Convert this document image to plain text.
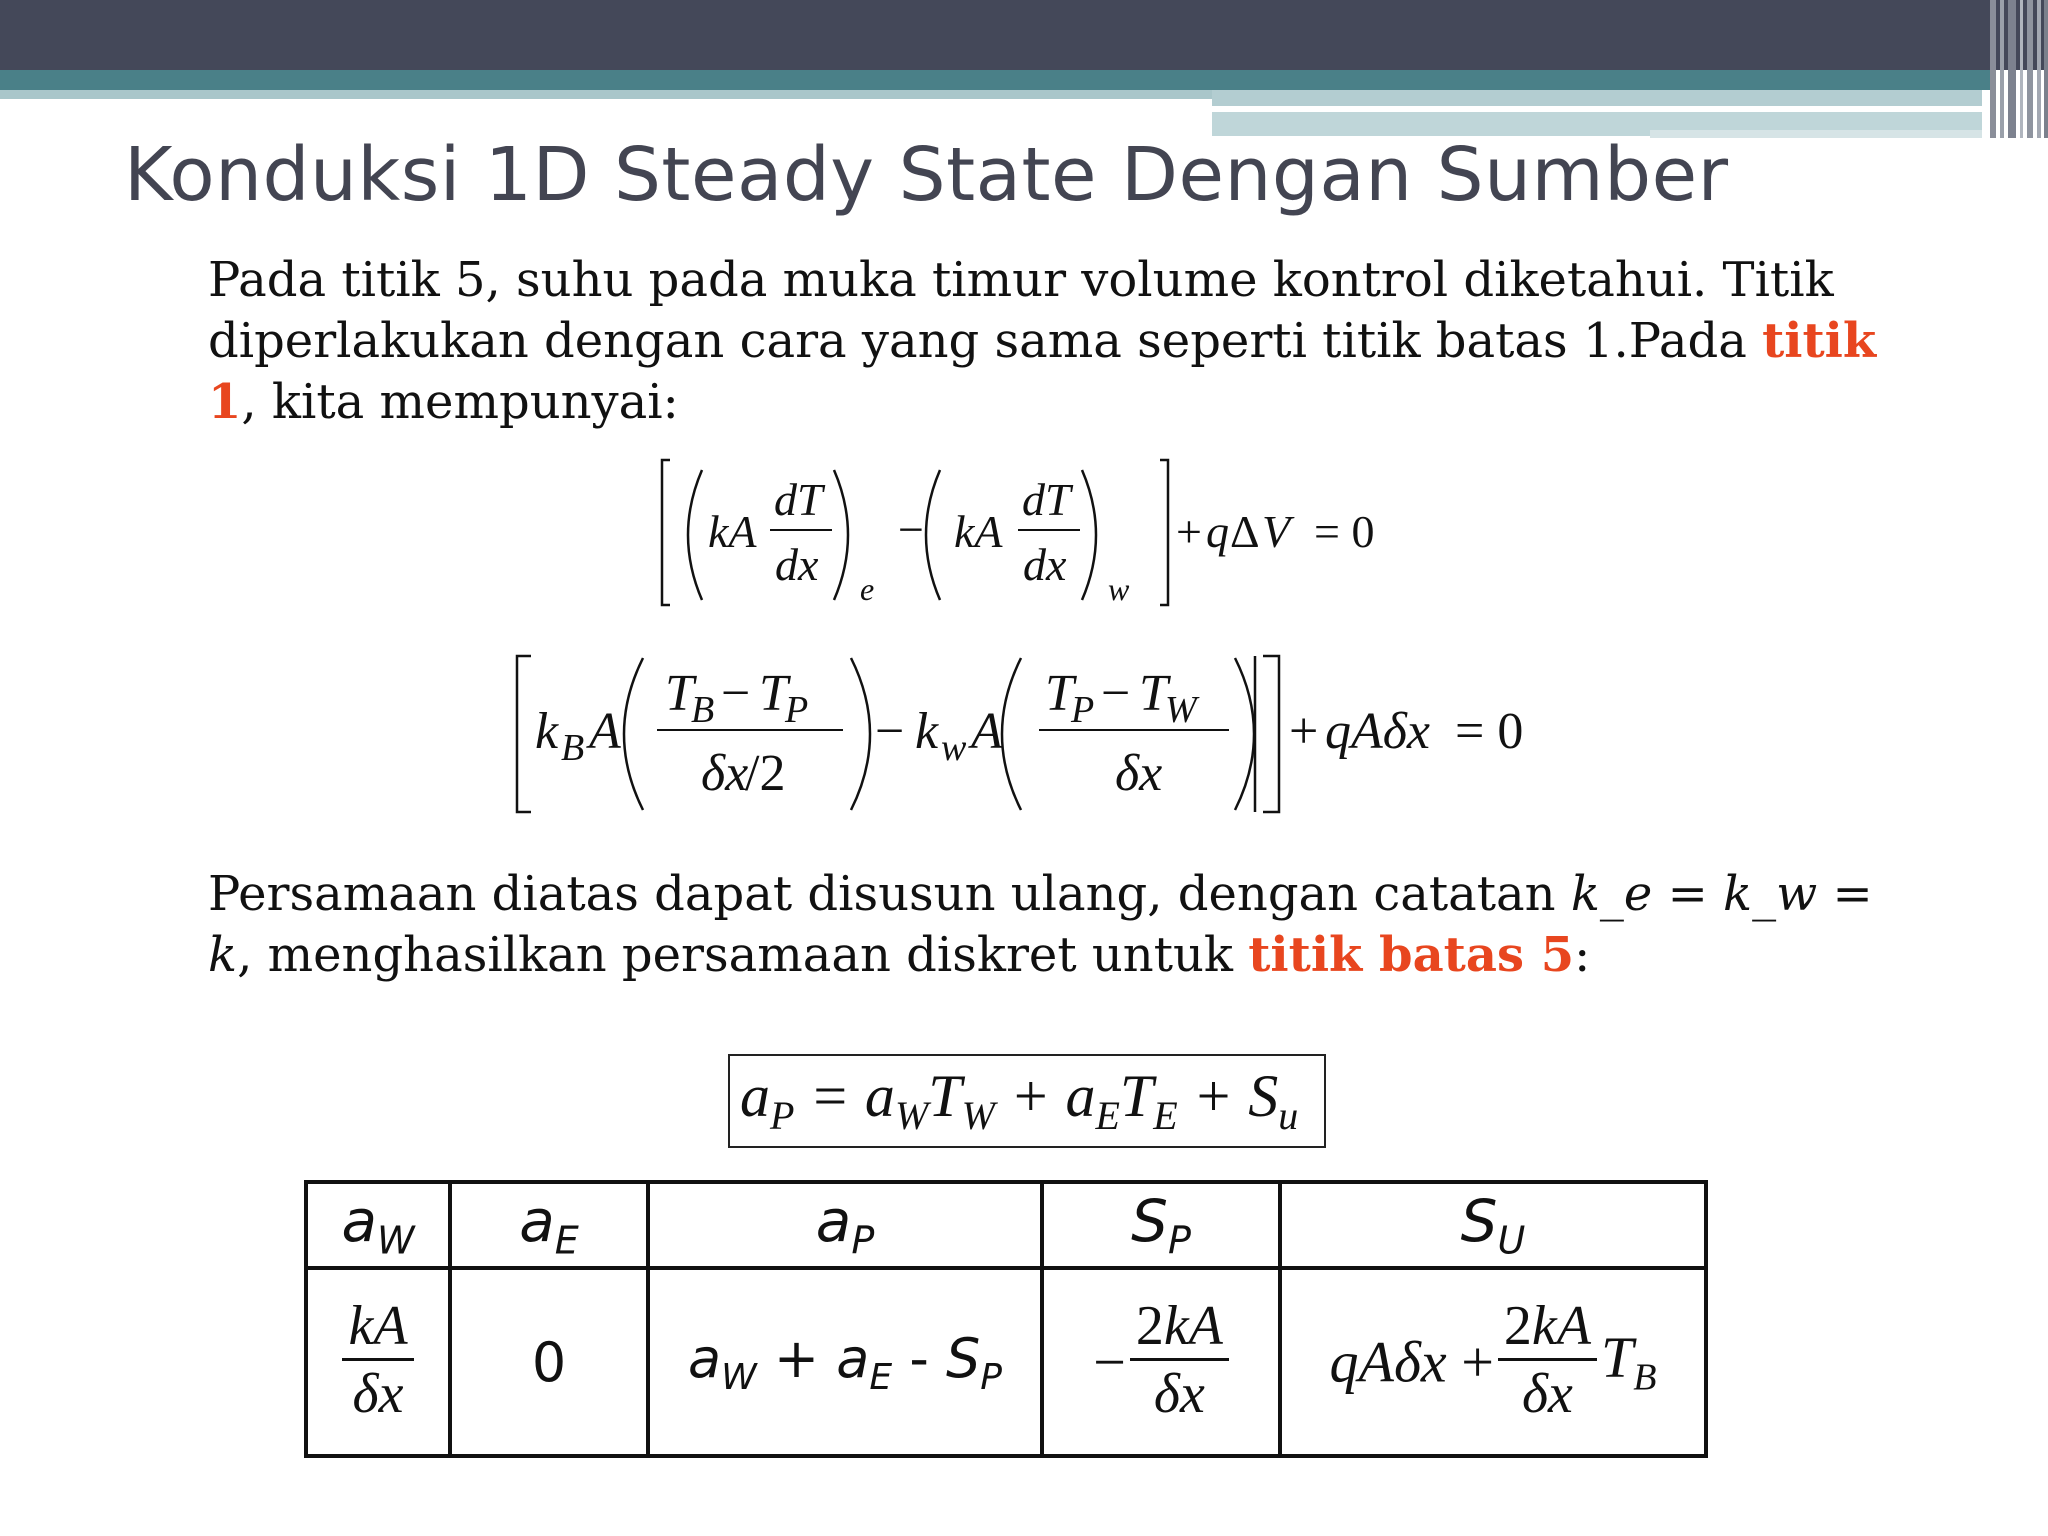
Konduksi 1D Steady State Dengan Sumber
Pada titik 5, suhu pada muka timur volume kontrol diketahui. Titik diperlakukan dengan cara yang sama seperti titik batas 1.Pada titik 1, kita mempunyai:
kA
dT
dx e
− kA
dT
dx w
+ q Δ V = 0
k B A
T
B − T
P
δx
/2
− k w A
T
P − T
W
δx
+ qAδx = 0
Persamaan diatas dapat disusun ulang, dengan catatan k_e = k_w = k, menghasilkan persamaan diskret untuk titik batas 5:
$a_P = a_WT_W + a_ET_E + S_u$
$a_W$	$a_E$	$a_P$	$S_P$	$S_U$

$\frac{kA}{\delta x}$	0	$a_W + a_E - S_P$	− $\frac{2kA}{\delta x}$	$qA\delta x + \frac{2kA}{\delta x} T_B$
